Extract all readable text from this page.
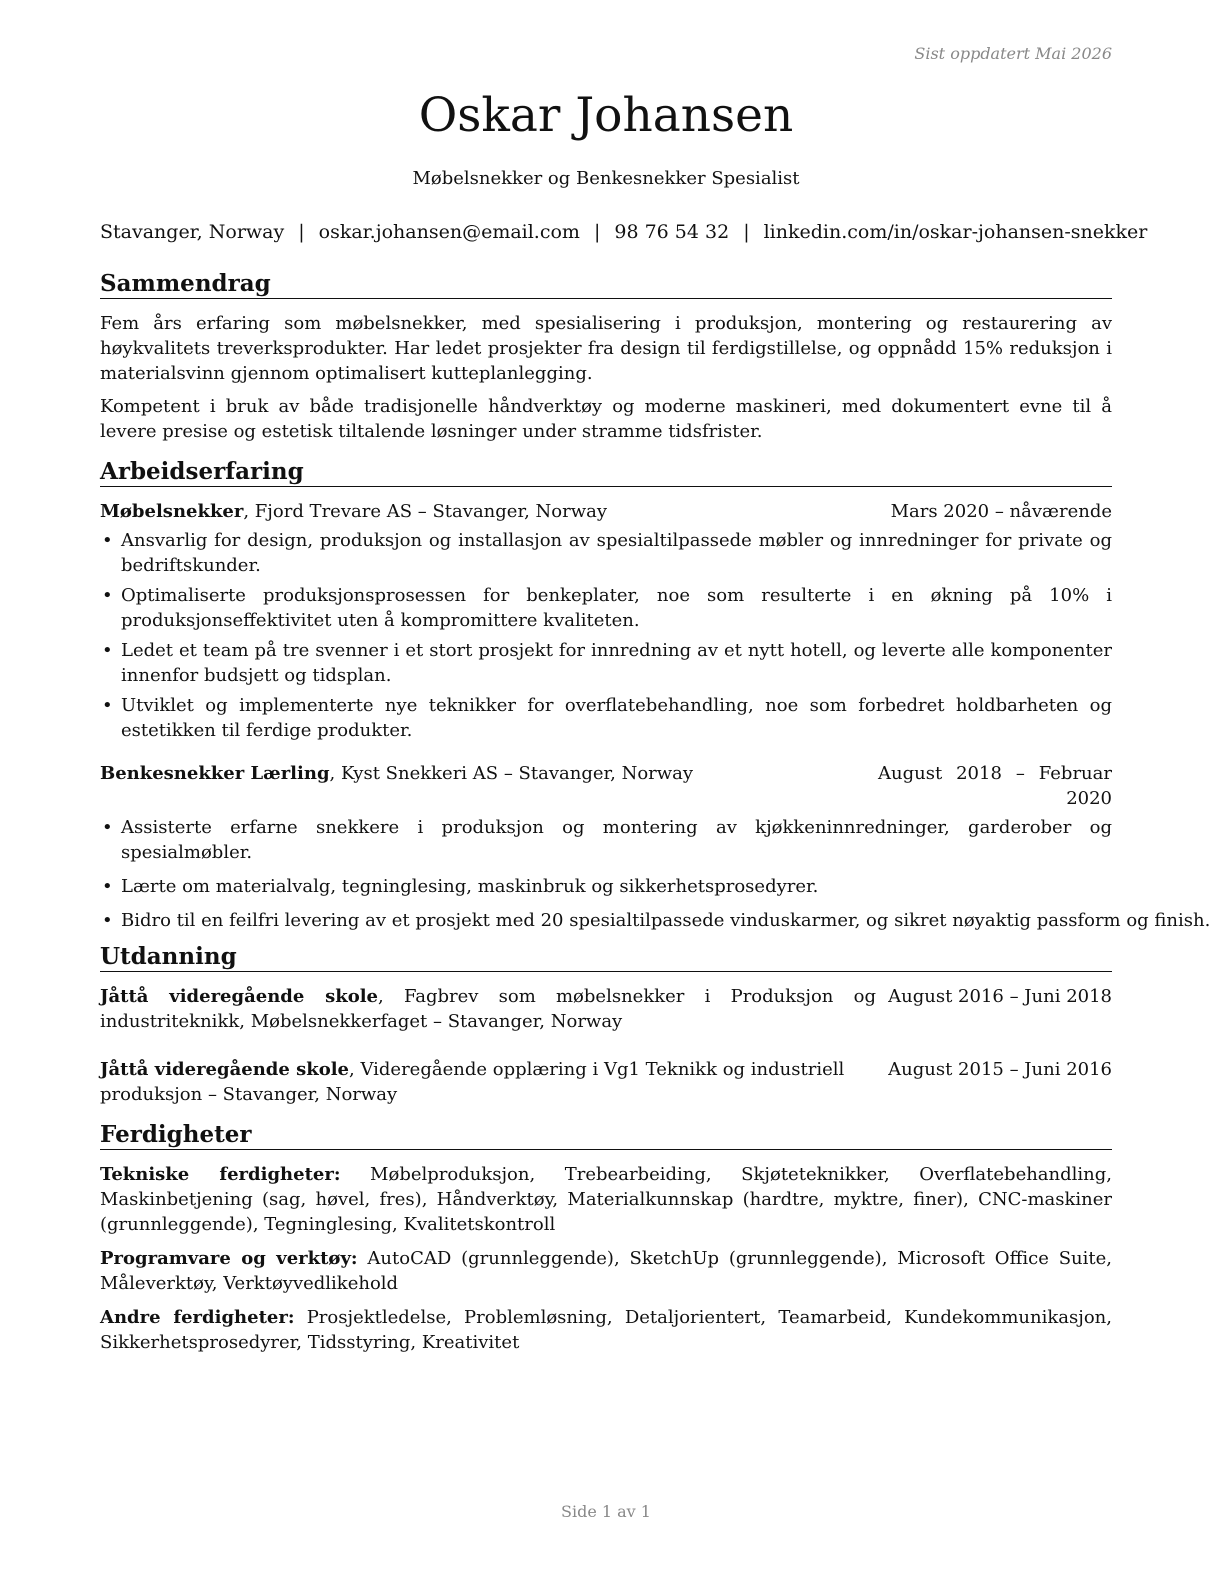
Sist oppdatert Mai 2026
Oskar Johansen
Møbelsnekker og Benkesnekker Spesialist
Stavanger, Norway | oskar.johansen@email.com | 98 76 54 32 | linkedin.com/in/oskar-johansen-snekker
Sammendrag

Fem års erfaring som møbelsnekker, med spesialisering i produksjon, montering og restaurering av høykvalitets treverksprodukter. Har ledet prosjekter fra design til ferdigstillelse, og oppnådd 15% reduksjon i materialsvinn gjennom optimalisert kutteplanlegging.

Kompetent i bruk av både tradisjonelle håndverktøy og moderne maskineri, med dokumentert evne til å levere presise og estetisk tiltalende løsninger under stramme tidsfrister.

Arbeidserfaring
Møbelsnekker, Fjord Trevare AS – Stavanger, Norway	Mars 2020 – nåværende
• Ansvarlig for design, produksjon og installasjon av spesialtilpassede møbler og innredninger for private og bedriftskunder.
• Optimaliserte produksjonsprosessen for benkeplater, noe som resulterte i en økning på 10% i produksjonseffektivitet uten å kompromittere kvaliteten.
• Ledet et team på tre svenner i et stort prosjekt for innredning av et nytt hotell, og leverte alle komponenter innenfor budsjett og tidsplan.
• Utviklet og implementerte nye teknikker for overflatebehandling, noe som forbedret holdbarheten og estetikken til ferdige produkter.
Benkesnekker Lærling, Kyst Snekkeri AS – Stavanger, Norway	August 2018 – Februar 2020
• Assisterte erfarne snekkere i produksjon og montering av kjøkkeninnredninger, garderober og spesialmøbler.
• Lærte om materialvalg, tegninglesing, maskinbruk og sikkerhetsprosedyrer.
• Bidro til en feilfri levering av et prosjekt med 20 spesialtilpassede vinduskarmer, og sikret nøyaktig passform og finish.
Utdanning
Jåttå videregående skole, Fagbrev som møbelsnekker i Produksjon og industriteknikk, Møbelsnekkerfaget – Stavanger, Norway
August 2016 – Juni 2018
Jåttå videregående skole, Videregående opplæring i Vg1 Teknikk og industriell produksjon – Stavanger, Norway
August 2015 – Juni 2016
Ferdigheter

Tekniske ferdigheter: Møbelproduksjon, Trebearbeiding, Skjøteteknikker, Overflatebehandling, Maskinbetjening (sag, høvel, fres), Håndverktøy, Materialkunnskap (hardtre, myktre, finer), CNC-maskiner (grunnleggende), Tegninglesing, Kvalitetskontroll

Programvare og verktøy: AutoCAD (grunnleggende), SketchUp (grunnleggende), Microsoft Office Suite, Måleverktøy, Verktøyvedlikehold

Andre ferdigheter: Prosjektledelse, Problemløsning, Detaljorientert, Teamarbeid, Kundekommunikasjon, Sikkerhetsprosedyrer, Tidsstyring, Kreativitet

Side 1 av 1
